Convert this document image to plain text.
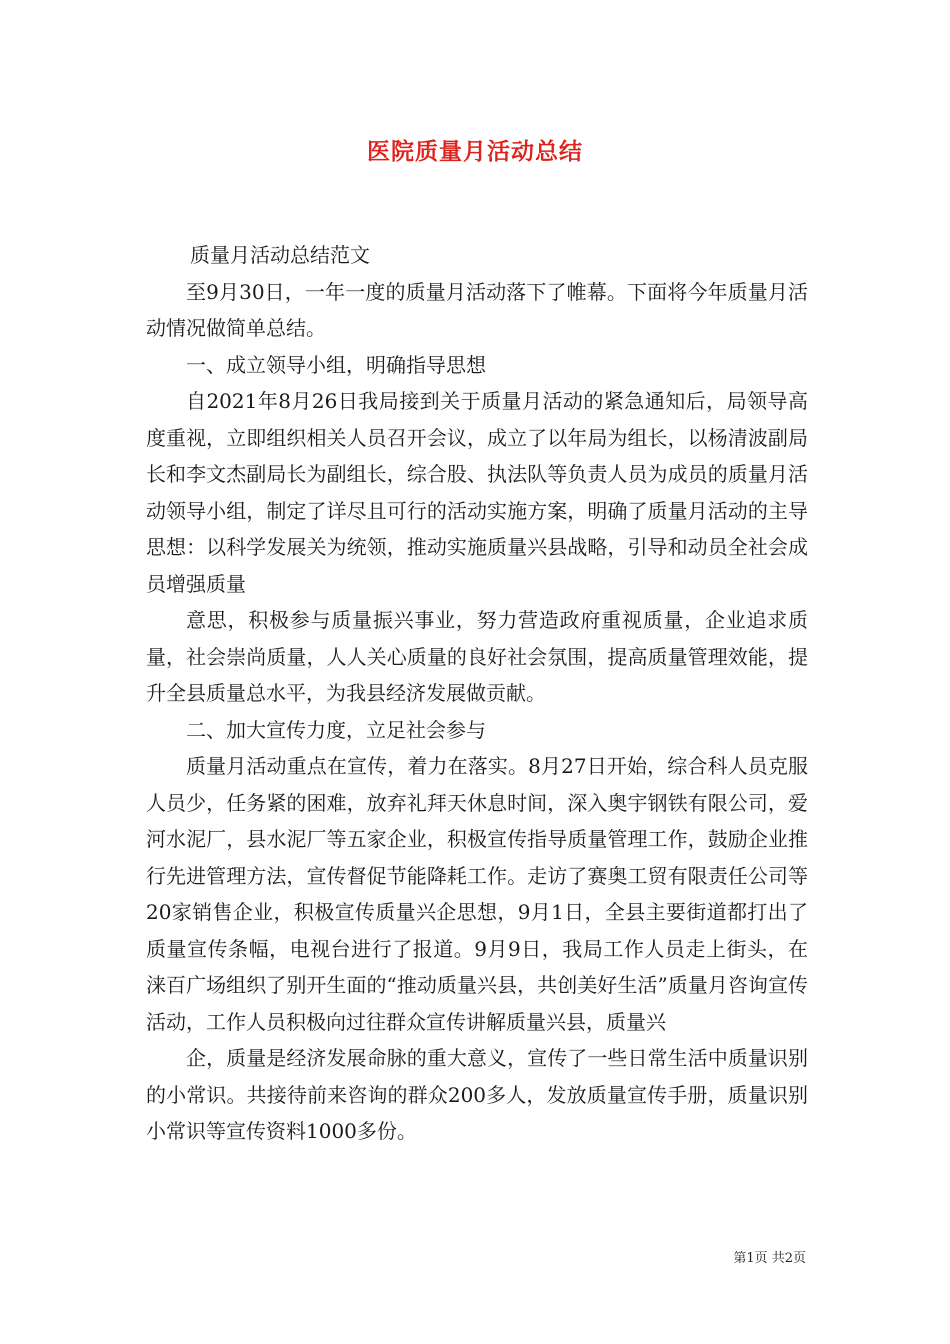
医院质量月活动总结

质量月活动总结范文

至9月30日，一年一度的质量月活动落下了帷幕。下面将今年质量月活动情况做简单总结。

一、成立领导小组，明确指导思想

自2021年8月26日我局接到关于质量月活动的紧急通知后，局领导高度重视，立即组织相关人员召开会议，成立了以年局为组长，以杨清波副局长和李文杰副局长为副组长，综合股、执法队等负责人员为成员的质量月活动领导小组，制定了详尽且可行的活动实施方案，明确了质量月活动的主导思想：以科学发展关为统领，推动实施质量兴县战略，引导和动员全社会成员增强质量

意思，积极参与质量振兴事业，努力营造政府重视质量，企业追求质量，社会崇尚质量，人人关心质量的良好社会氛围，提高质量管理效能，提升全县质量总水平，为我县经济发展做贡献。

二、加大宣传力度，立足社会参与

质量月活动重点在宣传，着力在落实。8月27日开始，综合科人员克服人员少，任务紧的困难，放弃礼拜天休息时间，深入奥宇钢铁有限公司，爱河水泥厂，县水泥厂等五家企业，积极宣传指导质量管理工作，鼓励企业推行先进管理方法，宣传督促节能降耗工作。走访了赛奥工贸有限责任公司等20家销售企业，积极宣传质量兴企思想，9月1日，全县主要街道都打出了质量宣传条幅，电视台进行了报道。9月9日，我局工作人员走上街头，在涞百广场组织了别开生面的“推动质量兴县，共创美好生活”质量月咨询宣传活动，工作人员积极向过往群众宣传讲解质量兴县，质量兴

企，质量是经济发展命脉的重大意义，宣传了一些日常生活中质量识别的小常识。共接待前来咨询的群众200多人，发放质量宣传手册，质量识别小常识等宣传资料1000多份。

第1页 共2页
